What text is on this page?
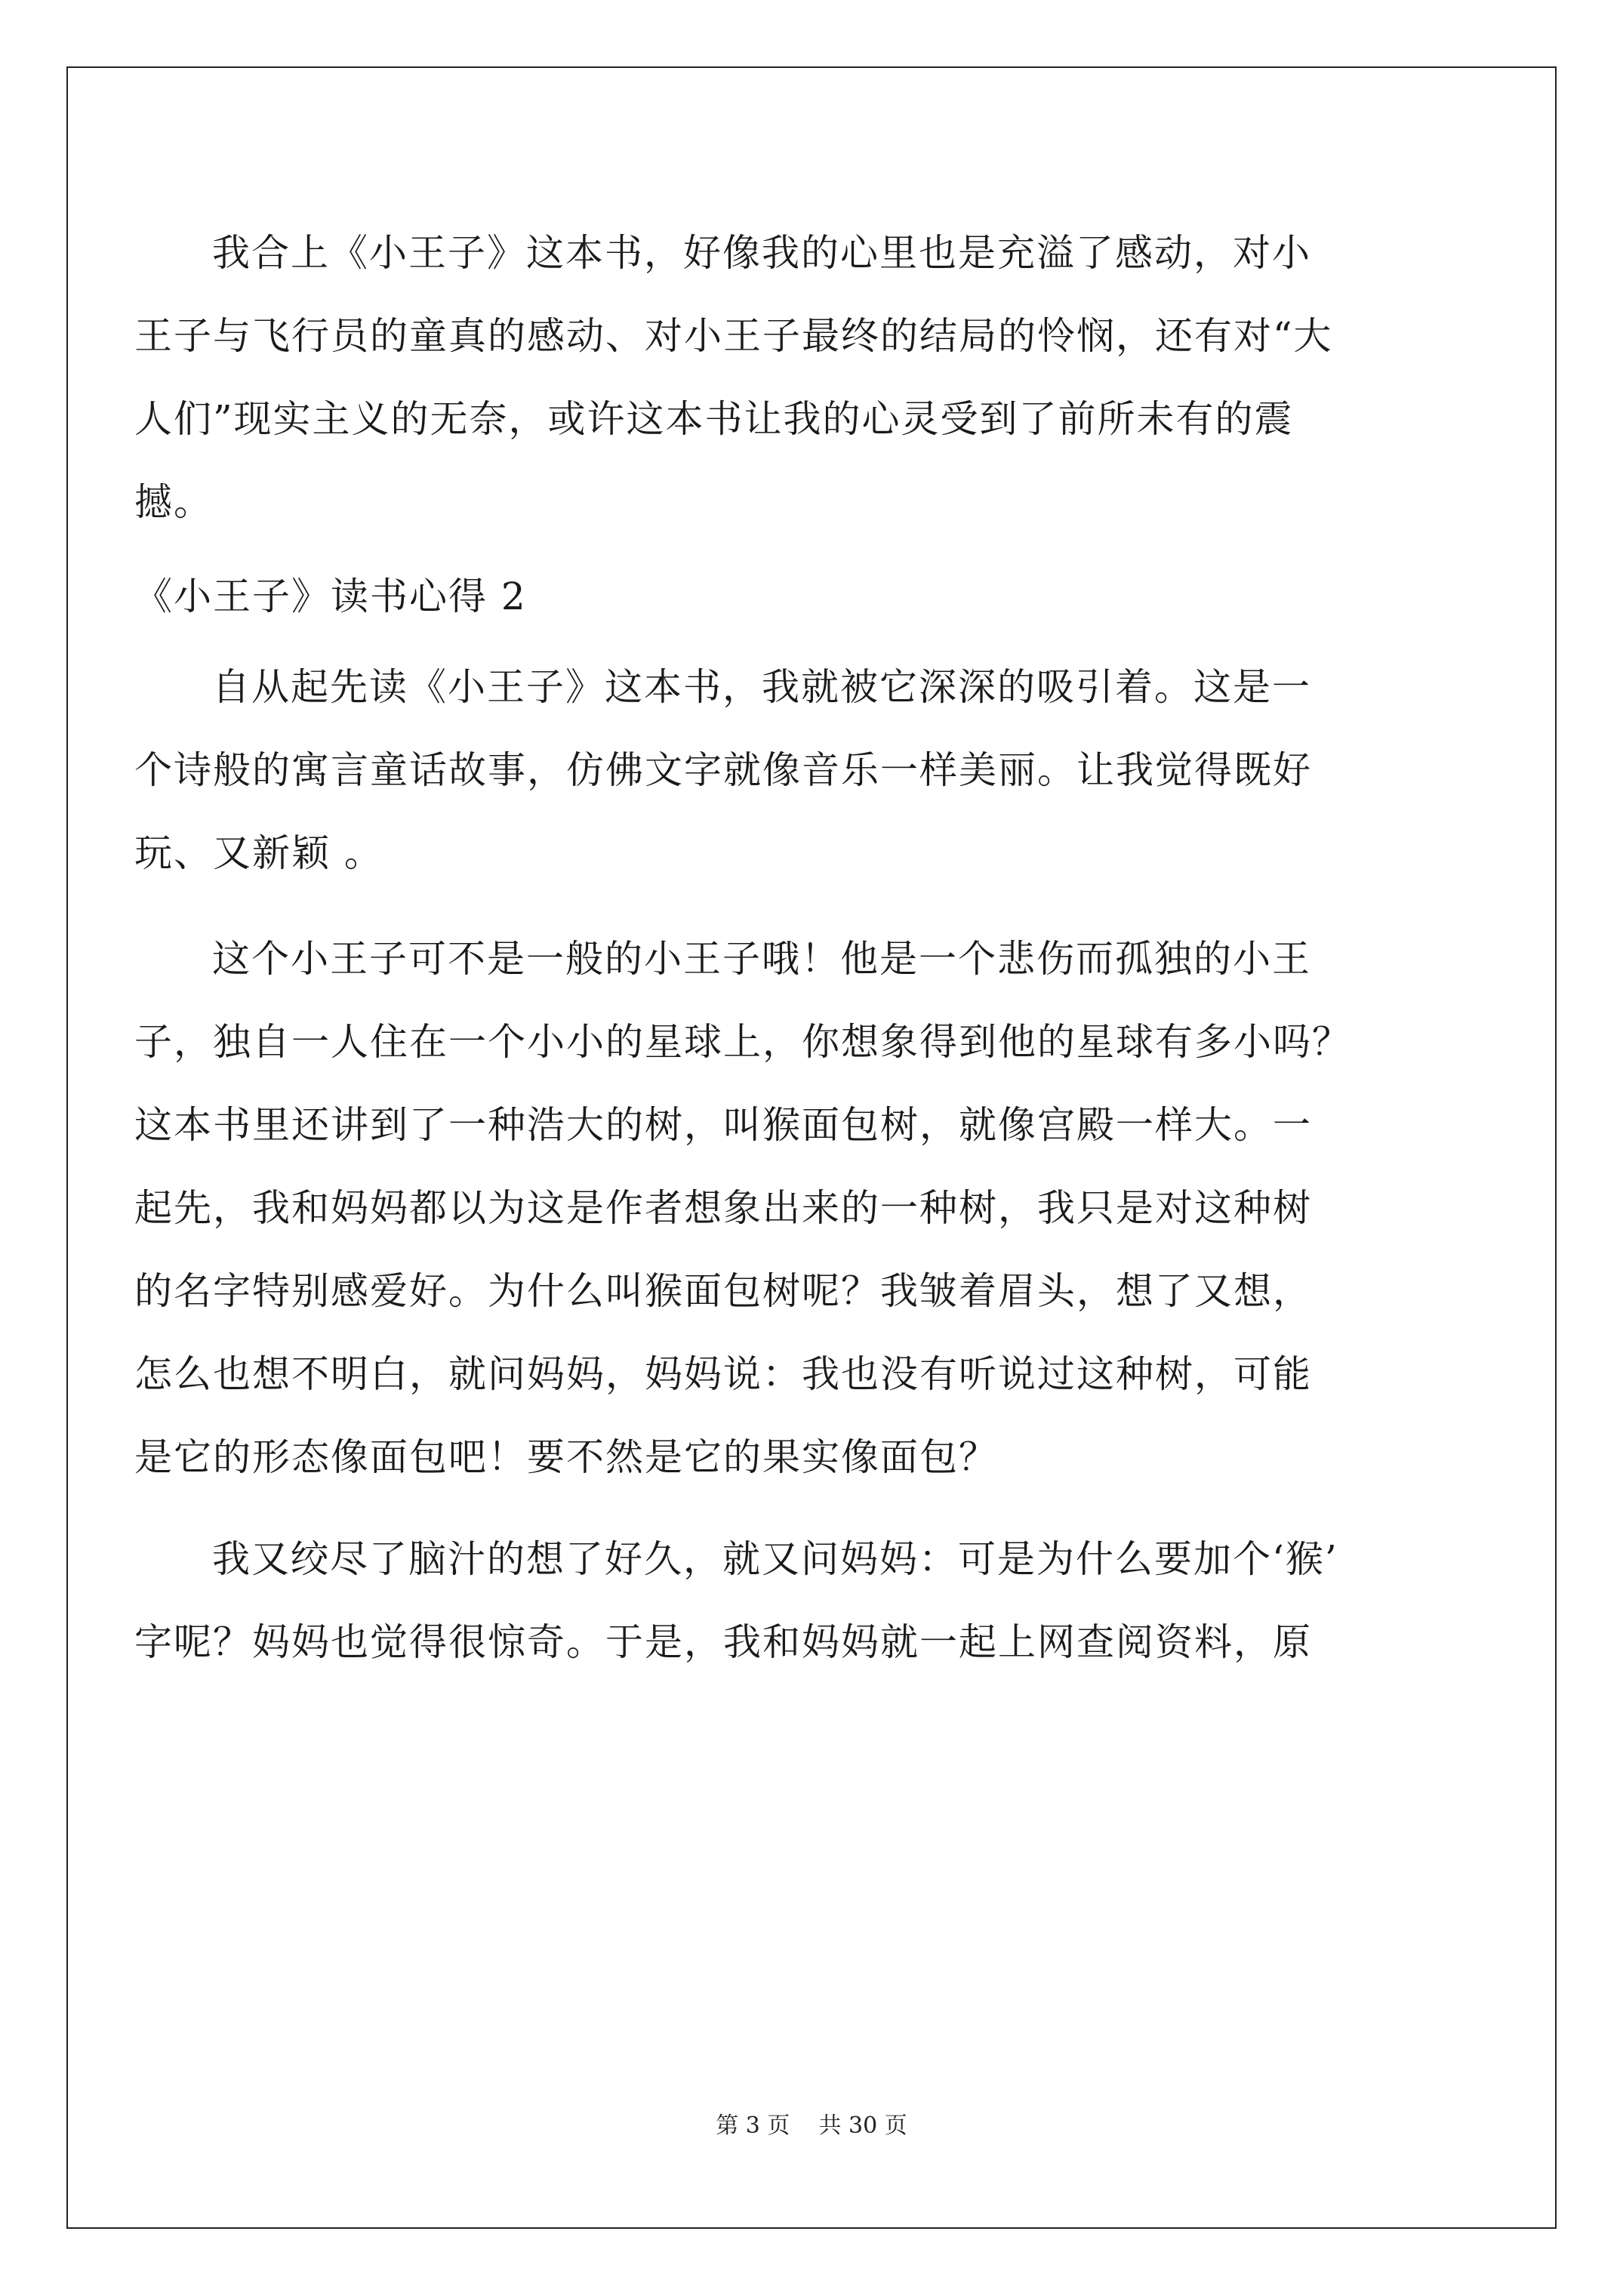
我合上《小王子》这本书，好像我的心里也是充溢了感动，对小
王子与飞行员的童真的感动、对小王子最终的结局的怜悯，还有对“大
人们”现实主义的无奈，或许这本书让我的心灵受到了前所未有的震
撼。
《小王子》读书心得 2
自从起先读《小王子》这本书，我就被它深深的吸引着。这是一
个诗般的寓言童话故事，仿佛文字就像音乐一样美丽。让我觉得既好
玩、又新颖 。
这个小王子可不是一般的小王子哦！他是一个悲伤而孤独的小王
子，独自一人住在一个小小的星球上，你想象得到他的星球有多小吗？
这本书里还讲到了一种浩大的树，叫猴面包树，就像宫殿一样大。一
起先，我和妈妈都以为这是作者想象出来的一种树，我只是对这种树
的名字特别感爱好。为什么叫猴面包树呢？我皱着眉头，想了又想，
怎么也想不明白，就问妈妈，妈妈说：我也没有听说过这种树，可能
是它的形态像面包吧！要不然是它的果实像面包？
我又绞尽了脑汁的想了好久，就又问妈妈：可是为什么要加个‘猴’
字呢？妈妈也觉得很惊奇。于是，我和妈妈就一起上网查阅资料，原
第 3 页    共 30 页
